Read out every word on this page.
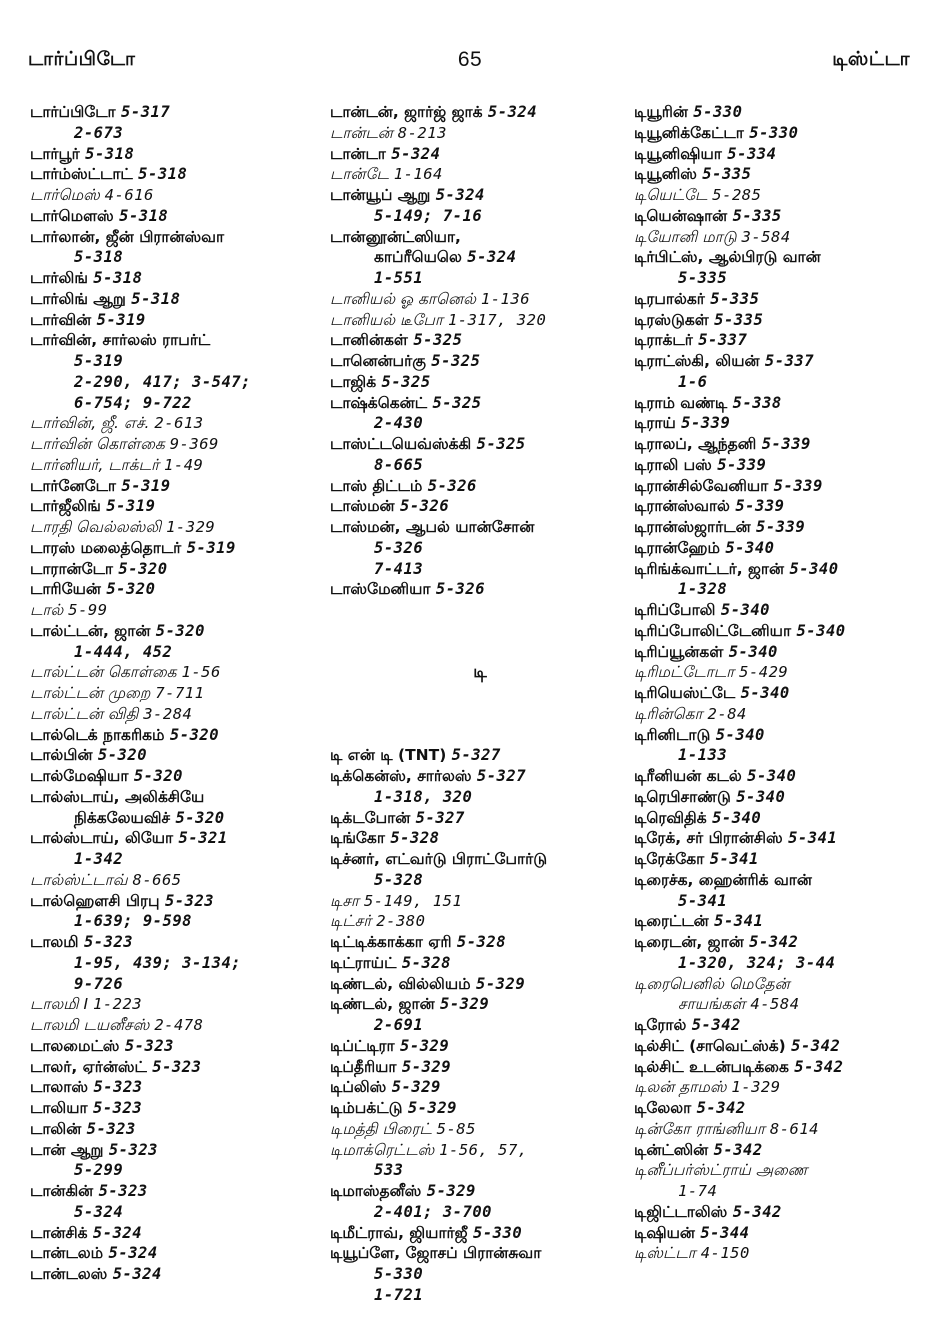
டார்ப்பிடோ	65	டிஸ்ட்டா
டார்ப்பிடோ 5-317
2-673
டார்பூர் 5-318
டார்ம்ஸ்ட்டாட் 5-318
டார்மெஸ் 4-616
டார்மௌஸ் 5-318
டார்லான், ஜீன் பிரான்ஸ்வா
5-318
டார்லிங் 5-318
டார்லிங் ஆறு 5-318
டார்வின் 5-319
டார்வின், சார்லஸ் ராபர்ட்
5-319
2-290, 417; 3-547;
6-754; 9-722
டார்வின், ஜீ. எச். 2-613
டார்வின் கொள்கை 9-369
டார்னியர், டாக்டர் 1-49
டார்னேடோ 5-319
டார்ஜீலிங் 5-319
டாரதி வெல்லஸ்லி 1-329
டாரஸ் மலைத்தொடர் 5-319
டாரான்டோ 5-320
டாரியேன் 5-320
டால் 5-99
டால்ட்டன், ஜான் 5-320
1-444, 452
டால்ட்டன் கொள்கை 1-56
டால்ட்டன் முறை 7-711
டால்ட்டன் விதி 3-284
டால்டெக் நாகரிகம் 5-320
டால்பின் 5-320
டால்மேஷியா 5-320
டால்ஸ்டாய், அலிக்சியே
நிக்கலேயவிச் 5-320
டால்ஸ்டாய், லியோ 5-321
1-342
டால்ஸ்ட்டாவ் 8-665
டால்ஹௌசி பிரபு 5-323
1-639; 9-598
டாலமி 5-323
1-95, 439; 3-134;
9-726
டாலமி I 1-223
டாலமி டயனீசஸ் 2-478
டாலமைட்ஸ் 5-323
டாலர், ஏர்ன்ஸ்ட் 5-323
டாலாஸ் 5-323
டாலியா 5-323
டாலின் 5-323
டான் ஆறு 5-323
5-299
டான்கின் 5-323
5-324
டான்சிக் 5-324
டான்டலம் 5-324
டான்டலஸ் 5-324
டான்டன், ஜார்ஜ் ஜாக் 5-324
டான்டன் 8-213
டான்டா 5-324
டான்டே 1-164
டான்யூப் ஆறு 5-324
5-149; 7-16
டான்னூன்ட்ஸியா,
காப்ரீயெலெ 5-324
1-551
டானியல் ஓ கானெல் 1-136
டானியல் டீபோ 1-317, 320
டானின்கள் 5-325
டானென்பர்கு 5-325
டாஜிக் 5-325
டாஷ்க்கென்ட் 5-325
2-430
டாஸ்ட்டயெவ்ஸ்க்கி 5-325
8-665
டாஸ் திட்டம் 5-326
டாஸ்மன் 5-326
டாஸ்மன், ஆபல் யான்சோன்
5-326
7-413
டாஸ்மேனியா 5-326
டி
டி என் டி (TNT) 5-327
டிக்கென்ஸ், சார்லஸ் 5-327
1-318, 320
டிக்டபோன் 5-327
டிங்கோ 5-328
டிச்னர், எட்வர்டு பிராட்போர்டு
5-328
டிசா 5-149, 151
டிட்சர் 2-380
டிட்டிக்காக்கா ஏரி 5-328
டிட்ராய்ட் 5-328
டிண்டல், வில்லியம் 5-329
டிண்டல், ஜான் 5-329
2-691
டிப்ட்டிரா 5-329
டிப்தீரியா 5-329
டிப்லிஸ் 5-329
டிம்பக்ட்டு 5-329
டிமத்தி பிரைட் 5-85
டிமாக்ரெட்டஸ் 1-56, 57,
533
டிமாஸ்தனீஸ் 5-329
2-401; 3-700
டிமீட்ராவ், ஜியார்ஜீ 5-330
டியூப்ளே, ஜோசப் பிரான்சுவா
5-330
1-721
டியூரின் 5-330
டியூனிக்கேட்டா 5-330
டியூனிஷியா 5-334
டியூனிஸ் 5-335
டியெட்டே 5-285
டியென்ஷான் 5-335
டியோனி மாடு 3-584
டிர்பிட்ஸ், ஆல்பிரடு வான்
5-335
டிரபால்கர் 5-335
டிரஸ்டுகள் 5-335
டிராக்டர் 5-337
டிராட்ஸ்கி, லியன் 5-337
1-6
டிராம் வண்டி 5-338
டிராய் 5-339
டிராலப், ஆந்தனி 5-339
டிராலி பஸ் 5-339
டிரான்சில்வேனியா 5-339
டிரான்ஸ்வால் 5-339
டிரான்ஸ்ஜார்டன் 5-339
டிரான்ஹேம் 5-340
டிரிங்க்வாட்டர், ஜான் 5-340
1-328
டிரிப்போலி 5-340
டிரிப்போலிட்டேனியா 5-340
டிரிப்யூன்கள் 5-340
டிரிமட்டோடா 5-429
டிரியெஸ்ட்டே 5-340
டிரின்கொ 2-84
டிரினிடாடு 5-340
1-133
டிரீனியன் கடல் 5-340
டிரெபிசாண்டு 5-340
டிரெவிதிக் 5-340
டிரேக், சர் பிரான்சிஸ் 5-341
டிரேக்கோ 5-341
டிரைச்க, ஹைன்ரிக் வான்
5-341
டிரைட்டன் 5-341
டிரைடன், ஜான் 5-342
1-320, 324; 3-44
டிரைபெனில் மெதேன்
சாயங்கள் 4-584
டிரோல் 5-342
டில்சிட் (சாவெட்ஸ்க்) 5-342
டில்சிட் உடன்படிக்கை 5-342
டிலன் தாமஸ் 1-329
டிலேலா 5-342
டின்கோ ராங்னியா 8-614
டின்ட்ஸின் 5-342
டினீப்பர்ஸ்ட்ராய் அணை
1-74
டிஜிட்டாலிஸ் 5-342
டிஷியன் 5-344
டிஸ்ட்டா 4-150
